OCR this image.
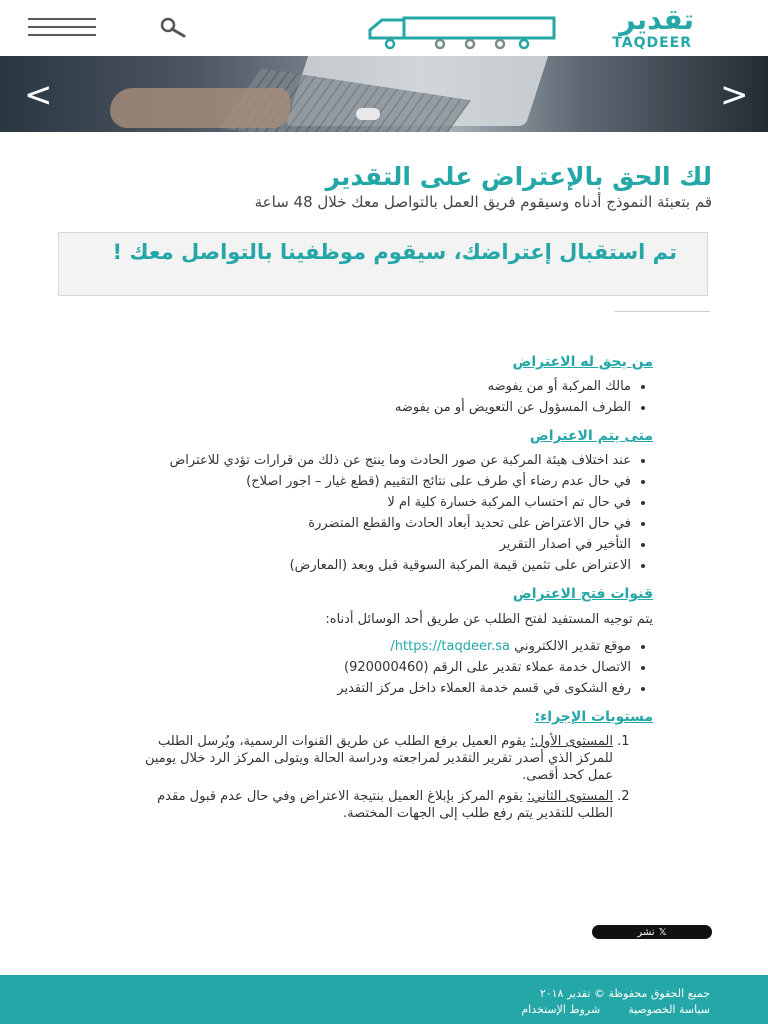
تقدير
TAQDEER
<	>
لك الحق بالإعتراض على التقدير

قم بتعبئة النموذج أدناه وسيقوم فريق العمل بالتواصل معك خلال 48 ساعة

تم استقبال إعتراضك، سيقوم موظفينا بالتواصل معك !

من يحق له الاعتراض
• مالك المركبة أو من يفوضه
• الطرف المسؤول عن التعويض أو من يفوضه
متى يتم الاعتراض
• عند اختلاف هيئة المركبة عن صور الحادث وما ينتج عن ذلك من قرارات تؤدي للاعتراض
• في حال عدم رضاء أي طرف على نتائج التقييم (قطع غيار – اجور اصلاح)
• في حال تم احتساب المركبة خسارة كلية ام لا
• في حال الاعتراض على تحديد أبعاد الحادث والقطع المتضررة
• التأخير في اصدار التقرير
• الاعتراض على تثمين قيمة المركبة السوقية قبل وبعد (المعارض)
قنوات فتح الاعتراض

يتم توجيه المستفيد لفتح الطلب عن طريق أحد الوسائل أدناه:

• موقع تقدير الالكتروني https://taqdeer.sa/
• الاتصال خدمة عملاء تقدير على الرقم (920000460)
• رفع الشكوى في قسم خدمة العملاء داخل مركز التقدير
مستويات الإجراء:
1. المستوى الأول: يقوم العميل برفع الطلب عن طريق القنوات الرسمية، ويُرسل الطلب للمركز الذي أصدر تقرير التقدير لمراجعته ودراسة الحالة ويتولى المركز الرد خلال يومين عمل كحد أقصى.
2. المستوى الثاني: يقوم المركز بإبلاغ العميل بنتيجة الاعتراض وفي حال عدم قبول مقدم الطلب للتقدير يتم رفع طلب إلى الجهات المختصة.
𝕏
نشر
جميع الحقوق محفوظة © تقدير ٢٠١٨
سياسة الخصوصية
شروط الإستخدام
